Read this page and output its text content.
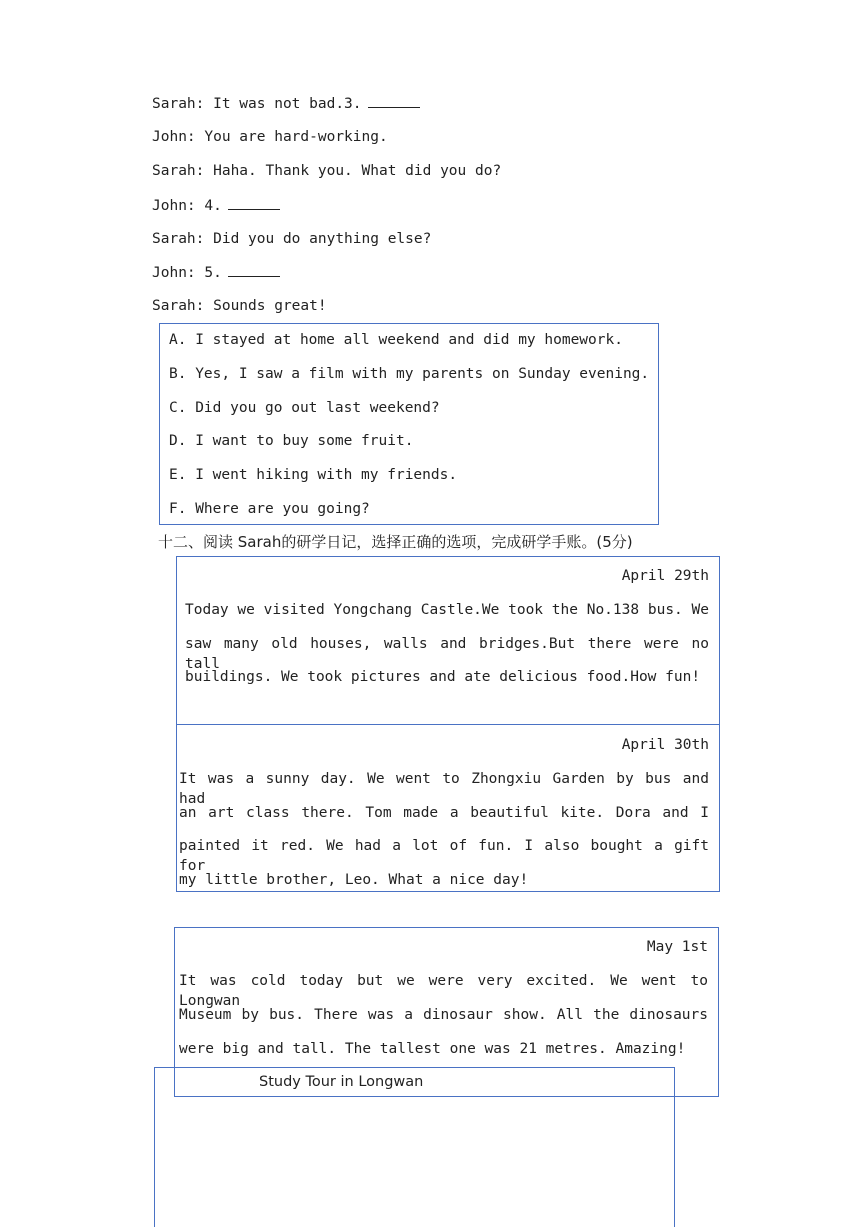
Sarah: It was not bad.3.
John: You are hard-working.
Sarah: Haha. Thank you. What did you do?
John: 4.
Sarah: Did you do anything else?
John: 5.
Sarah: Sounds great!
A. I stayed at home all weekend and did my homework.
B. Yes, I saw a film with my parents on Sunday evening.
C. Did you go out last weekend?
D. I want to buy some fruit.
E. I went hiking with my friends.
F. Where are you going?
十二、阅读 Sarah的研学日记，选择正确的选项，完成研学手账。(5分)
April 29th
Today we visited Yongchang Castle.We took the No.138 bus. We
saw many old houses, walls and bridges.But there were no tall
buildings. We took pictures and ate delicious food.How fun!
April 30th
It was a sunny day. We went to Zhongxiu Garden by bus and had
an art class there. Tom made a beautiful kite. Dora and I
painted it red. We had a lot of fun. I also bought a gift for
my little brother, Leo. What a nice day!
May 1st
It was cold today but we were very excited. We went to Longwan
Museum by bus. There was a dinosaur show. All the dinosaurs
were big and tall. The tallest one was 21 metres. Amazing!
Study Tour in Longwan
